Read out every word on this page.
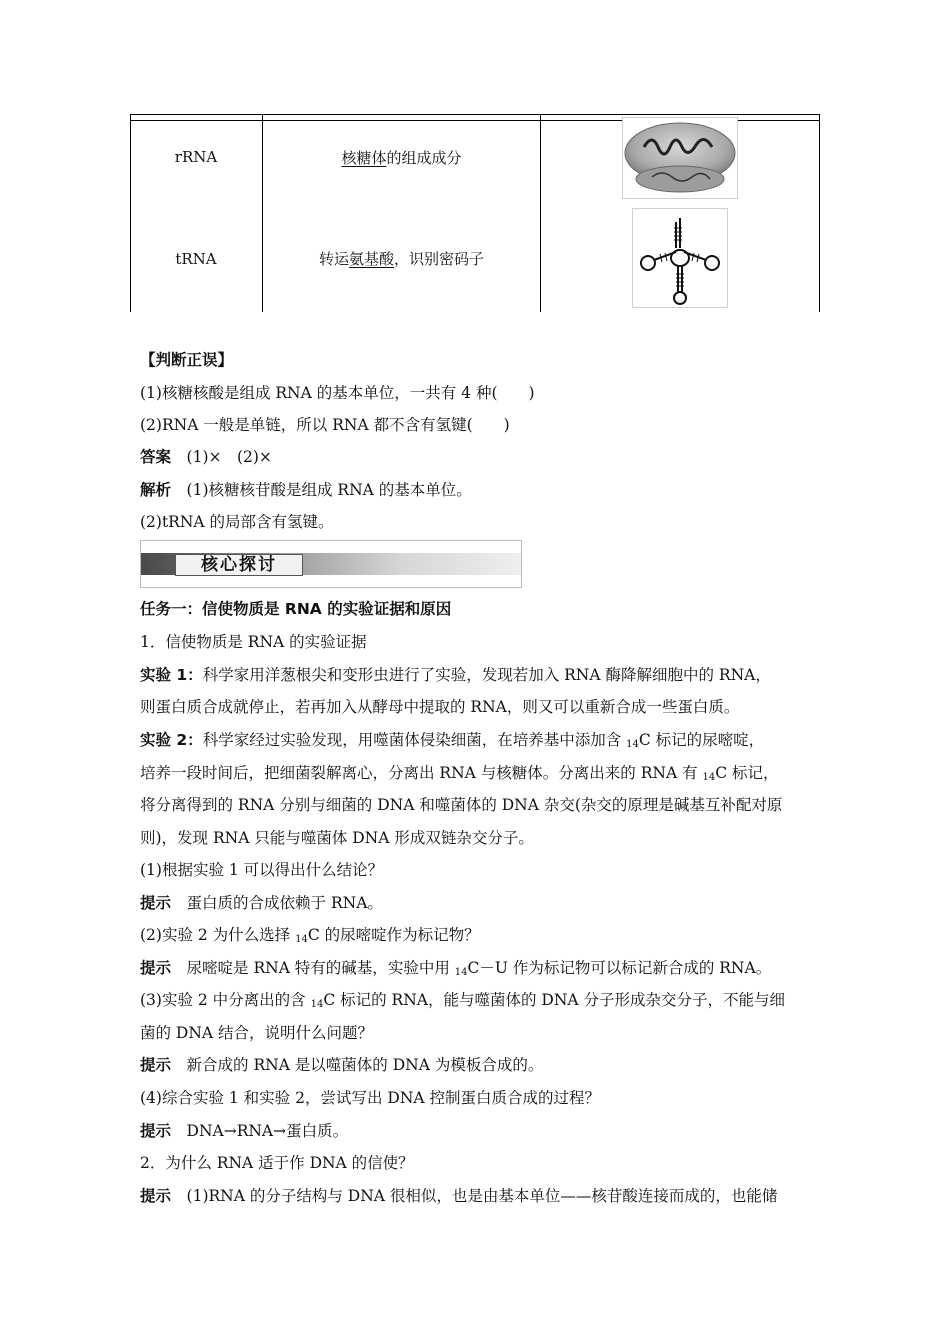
rRNA	核糖体的组成成分
tRNA	转运氨基酸，识别密码子
【判断正误】
(1)核糖核酸是组成 RNA 的基本单位，一共有 4 种(　　)
(2)RNA 一般是单链，所以 RNA 都不含有氢键(　　)
答案　 (1)×　(2)×
解析　 (1)核糖核苷酸是组成 RNA 的基本单位。
(2)tRNA 的局部含有氢键。
核心探讨
任务一：信使物质是 RNA 的实验证据和原因
1．信使物质是 RNA 的实验证据
实验 1：科学家用洋葱根尖和变形虫进行了实验，发现若加入 RNA 酶降解细胞中的 RNA，
则蛋白质合成就停止，若再加入从酵母中提取的 RNA，则又可以重新合成一些蛋白质。
实验 2：科学家经过实验发现，用噬菌体侵染细菌，在培养基中添加含 $_{14}$C 标记的尿嘧啶，
培养一段时间后，把细菌裂解离心，分离出 RNA 与核糖体。分离出来的 RNA 有 $_{14}$C 标记，
将分离得到的 RNA 分别与细菌的 DNA 和噬菌体的 DNA 杂交(杂交的原理是碱基互补配对原
则)，发现 RNA 只能与噬菌体 DNA 形成双链杂交分子。
(1)根据实验 1 可以得出什么结论？
提示　 蛋白质的合成依赖于 RNA。
(2)实验 2 为什么选择 $_{14}$C 的尿嘧啶作为标记物？
提示　 尿嘧啶是 RNA 特有的碱基，实验中用 $_{14}$C－U 作为标记物可以标记新合成的 RNA。
(3)实验 2 中分离出的含 $_{14}$C 标记的 RNA，能与噬菌体的 DNA 分子形成杂交分子，不能与细
菌的 DNA 结合，说明什么问题？
提示　 新合成的 RNA 是以噬菌体的 DNA 为模板合成的。
(4)综合实验 1 和实验 2，尝试写出 DNA 控制蛋白质合成的过程？
提示　 DNA→RNA→蛋白质。
2．为什么 RNA 适于作 DNA 的信使？
提示　 (1)RNA 的分子结构与 DNA 很相似，也是由基本单位——核苷酸连接而成的，也能储
